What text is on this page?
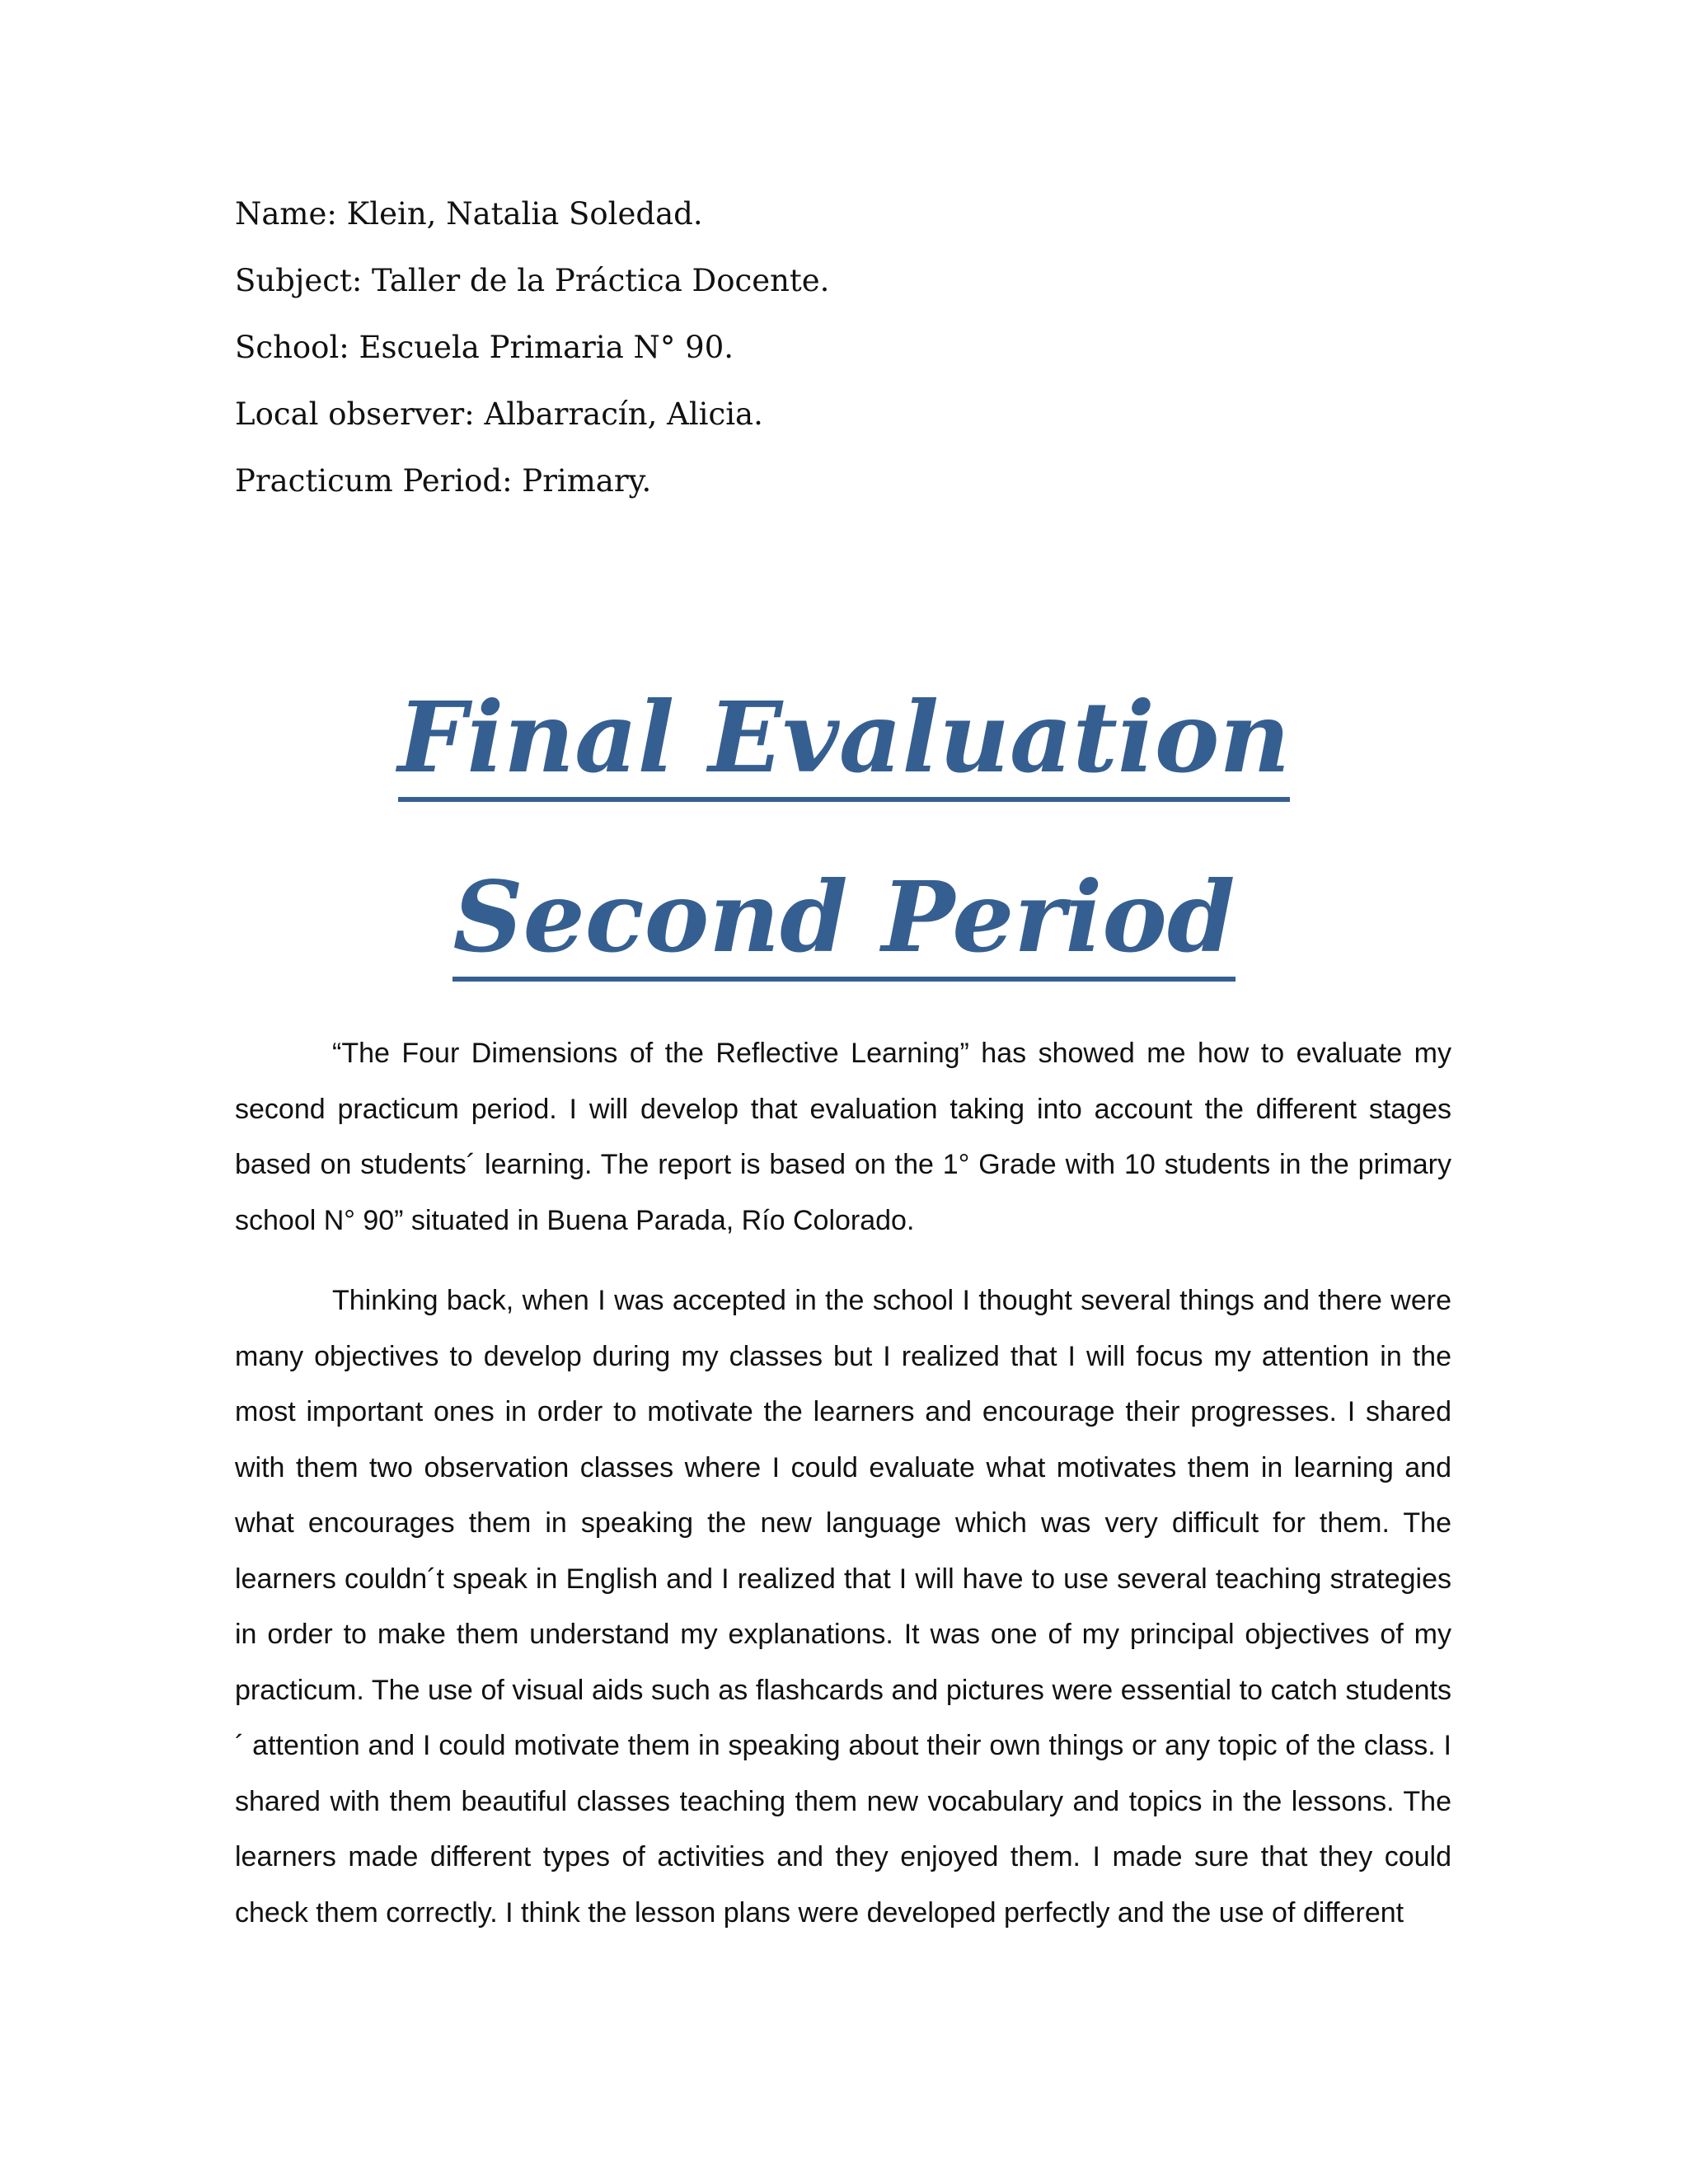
Name: Klein, Natalia Soledad.
Subject: Taller de la Práctica Docente.
School: Escuela Primaria N° 90.
Local observer: Albarracín, Alicia.
Practicum Period: Primary.
Final Evaluation
Second Period

“The Four Dimensions of the Reflective Learning” has showed me how to evaluate my second practicum period. I will develop that evaluation taking into account the different stages based on students´ learning. The report is based on the 1° Grade with 10 students in the primary school N° 90” situated in Buena Parada, Río Colorado.

Thinking back, when I was accepted in the school I thought several things and there were many objectives to develop during my classes but I realized that I will focus my attention in the most important ones in order to motivate the learners and encourage their progresses. I shared with them two observation classes where I could evaluate what motivates them in learning and what encourages them in speaking the new language which was very difficult for them. The learners couldn´t speak in English and I realized that I will have to use several teaching strategies in order to make them understand my explanations. It was one of my principal objectives of my practicum. The use of visual aids such as flashcards and pictures were essential to catch students´ attention and I could motivate them in speaking about their own things or any topic of the class. I shared with them beautiful classes teaching them new vocabulary and topics in the lessons. The learners made different types of activities and they enjoyed them. I made sure that they could check them correctly. I think the lesson plans were developed perfectly and the use of different
